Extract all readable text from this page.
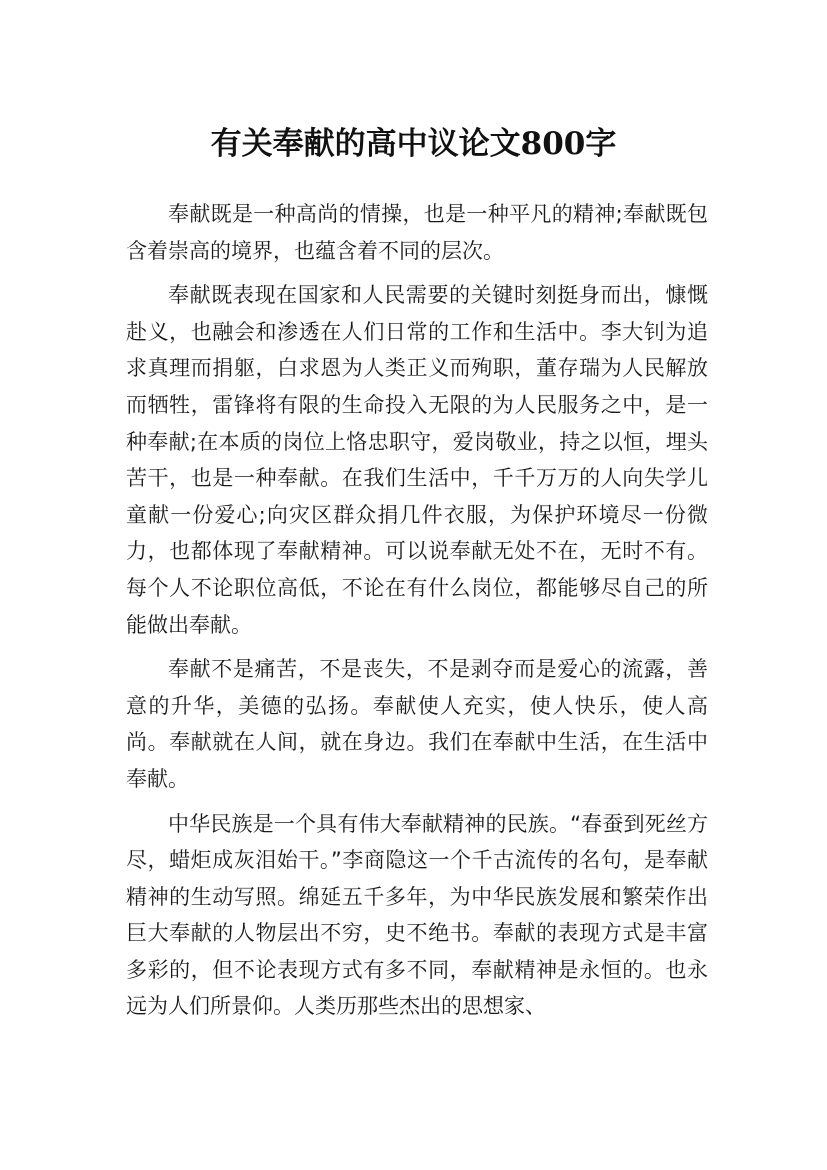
有关奉献的高中议论文800字

奉献既是一种高尚的情操，也是一种平凡的精神;奉献既包含着崇高的境界，也蕴含着不同的层次。

奉献既表现在国家和人民需要的关键时刻挺身而出，慷慨赴义，也融会和渗透在人们日常的工作和生活中。李大钊为追求真理而捐躯，白求恩为人类正义而殉职，董存瑞为人民解放而牺牲，雷锋将有限的生命投入无限的为人民服务之中，是一种奉献;在本质的岗位上恪忠职守，爱岗敬业，持之以恒，埋头苦干，也是一种奉献。在我们生活中，千千万万的人向失学儿童献一份爱心;向灾区群众捐几件衣服，为保护环境尽一份微力，也都体现了奉献精神。可以说奉献无处不在，无时不有。每个人不论职位高低，不论在有什么岗位，都能够尽自己的所能做出奉献。

奉献不是痛苦，不是丧失，不是剥夺而是爱心的流露，善意的升华，美德的弘扬。奉献使人充实，使人快乐，使人高尚。奉献就在人间，就在身边。我们在奉献中生活，在生活中奉献。

中华民族是一个具有伟大奉献精神的民族。“春蚕到死丝方尽，蜡炬成灰泪始干。”李商隐这一个千古流传的名句，是奉献精神的生动写照。绵延五千多年，为中华民族发展和繁荣作出巨大奉献的人物层出不穷，史不绝书。奉献的表现方式是丰富多彩的，但不论表现方式有多不同，奉献精神是永恒的。也永远为人们所景仰。人类历那些杰出的思想家、
